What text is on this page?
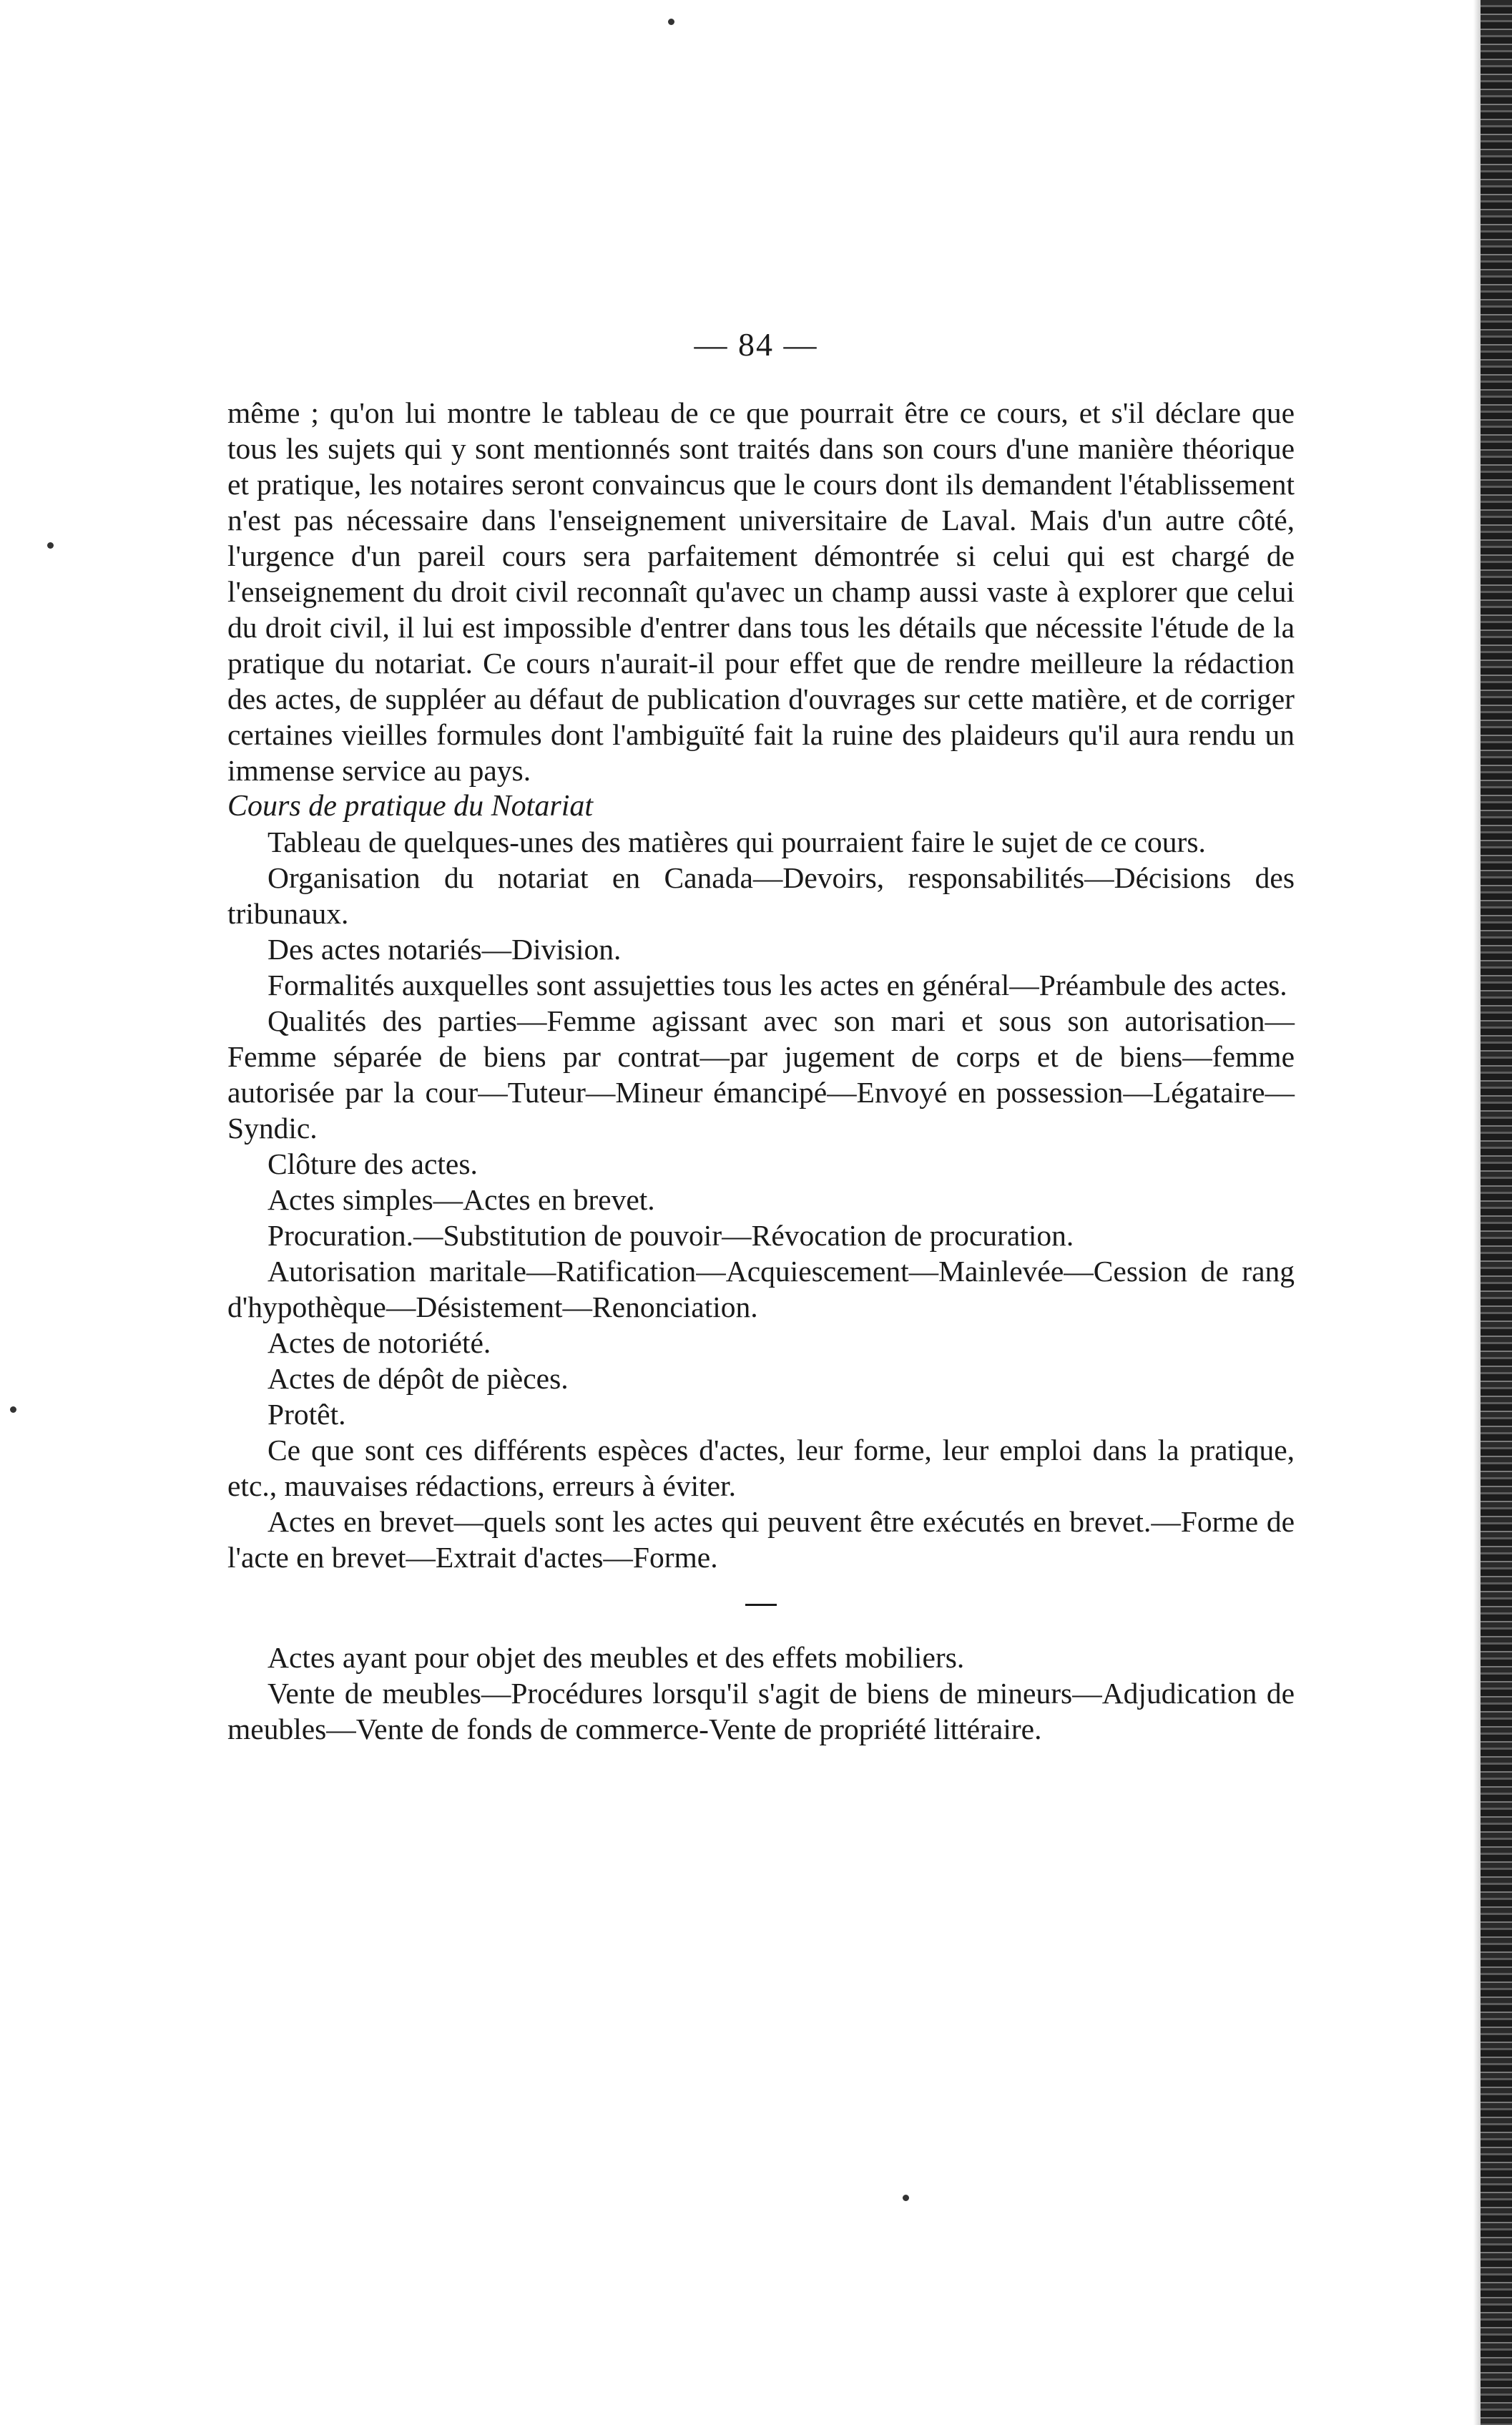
— 84 —

même ; qu'on lui montre le tableau de ce que pourrait être ce cours, et s'il déclare que tous les sujets qui y sont mentionnés sont traités dans son cours d'une manière théorique et pratique, les notaires seront convaincus que le cours dont ils demandent l'établissement n'est pas nécessaire dans l'enseignement universitaire de Laval. Mais d'un autre côté, l'urgence d'un pareil cours sera parfaitement démontrée si celui qui est chargé de l'enseignement du droit civil reconnaît qu'avec un champ aussi vaste à explorer que celui du droit civil, il lui est impossible d'entrer dans tous les détails que nécessite l'étude de la pratique du notariat. Ce cours n'aurait-il pour effet que de rendre meilleure la rédaction des actes, de suppléer au défaut de publication d'ouvrages sur cette matière, et de corriger certaines vieilles formules dont l'ambiguïté fait la ruine des plaideurs qu'il aura rendu un immense service au pays.

Cours de pratique du Notariat

Tableau de quelques-unes des matières qui pourraient faire le sujet de ce cours.

Organisation du notariat en Canada—Devoirs, responsabilités—Décisions des tribunaux.

Des actes notariés—Division.

Formalités auxquelles sont assujetties tous les actes en général—Préambule des actes.

Qualités des parties—Femme agissant avec son mari et sous son autorisation—Femme séparée de biens par contrat—par jugement de corps et de biens—femme autorisée par la cour—Tuteur—Mineur émancipé—Envoyé en possession—Légataire—Syndic.

Clôture des actes.

Actes simples—Actes en brevet.

Procuration.—Substitution de pouvoir—Révocation de procuration.

Autorisation maritale—Ratification—Acquiescement—Mainlevée—Cession de rang d'hypothèque—Désistement—Renonciation.

Actes de notoriété.

Actes de dépôt de pièces.

Protêt.

Ce que sont ces différents espèces d'actes, leur forme, leur emploi dans la pratique, etc., mauvaises rédactions, erreurs à éviter.

Actes en brevet—quels sont les actes qui peuvent être exécutés en brevet.—Forme de l'acte en brevet—Extrait d'actes—Forme.

Actes ayant pour objet des meubles et des effets mobiliers.

Vente de meubles—Procédures lorsqu'il s'agit de biens de mineurs—Adjudication de meubles—Vente de fonds de commerce-Vente de propriété littéraire.
